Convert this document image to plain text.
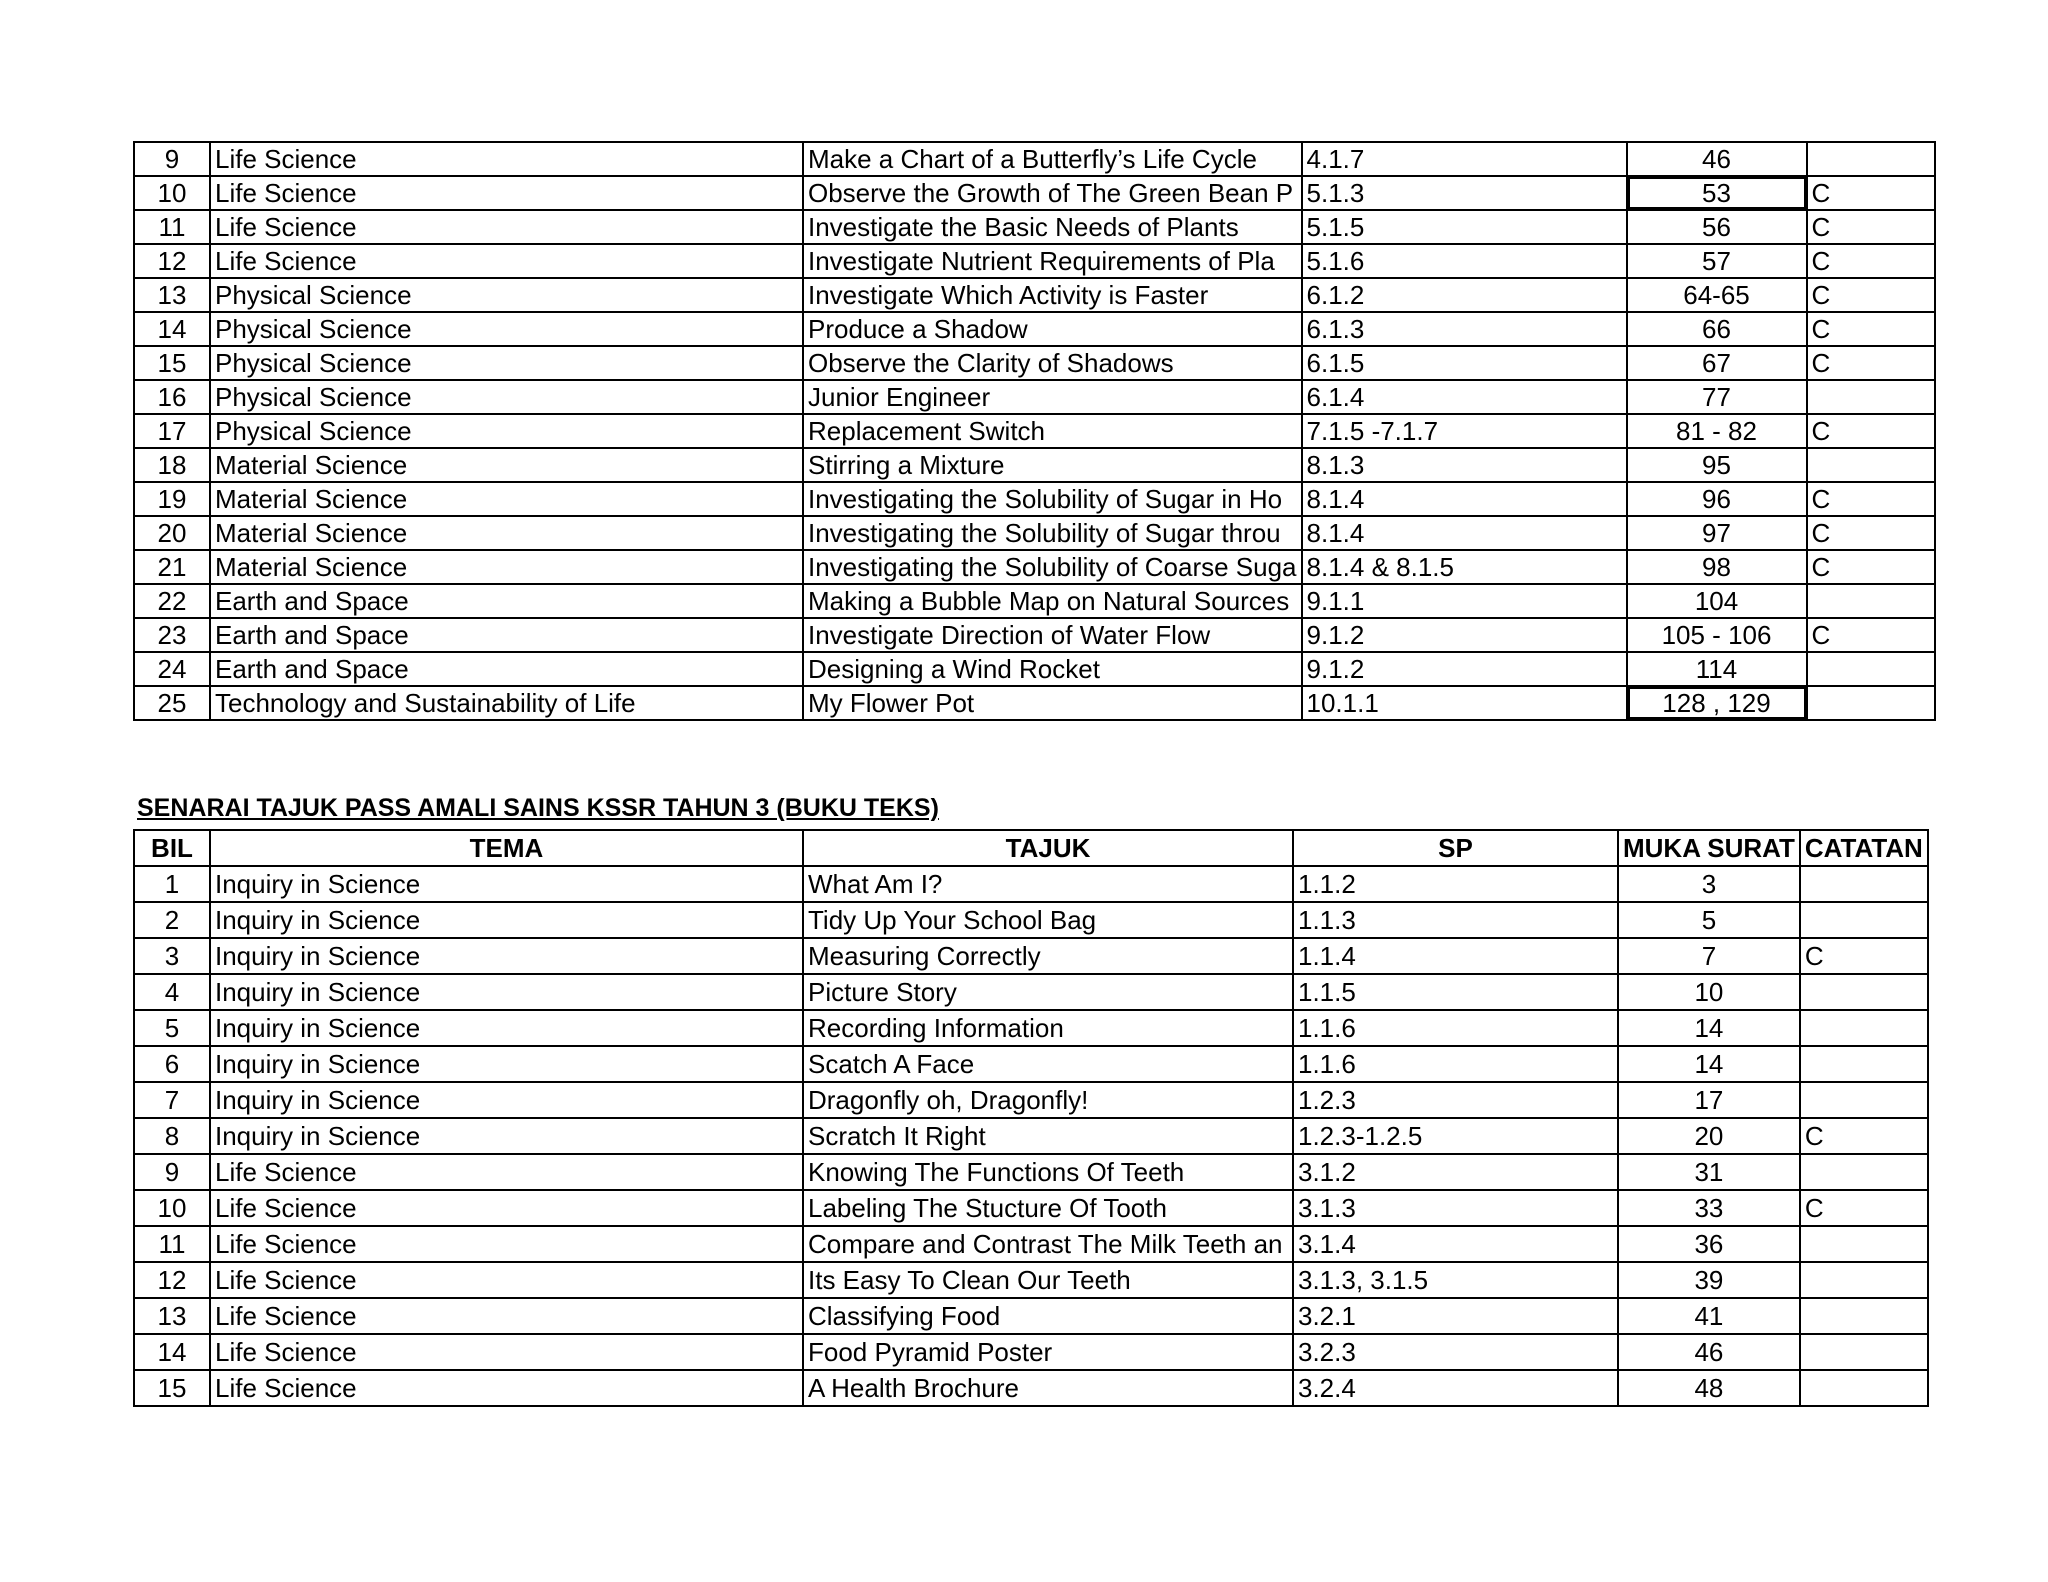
9	Life Science	Make a Chart of a Butterfly’s Life Cycle	4.1.7	46	
10	Life Science	Observe the Growth of The Green Bean P	5.1.3	53	C
11	Life Science	Investigate the Basic Needs of Plants	5.1.5	56	C
12	Life Science	Investigate Nutrient Requirements of Pla	5.1.6	57	C
13	Physical Science	Investigate Which Activity is Faster	6.1.2	64-65	C
14	Physical Science	Produce a Shadow	6.1.3	66	C
15	Physical Science	Observe the Clarity of Shadows	6.1.5	67	C
16	Physical Science	Junior Engineer	6.1.4	77	
17	Physical Science	Replacement Switch	7.1.5 -7.1.7	81 - 82	C
18	Material Science	Stirring a Mixture	8.1.3	95	
19	Material Science	Investigating the Solubility of Sugar in Ho	8.1.4	96	C
20	Material Science	Investigating the Solubility of Sugar throu	8.1.4	97	C
21	Material Science	Investigating the Solubility of Coarse Suga	8.1.4 & 8.1.5	98	C
22	Earth and Space	Making a Bubble Map on Natural Sources	9.1.1	104	
23	Earth and Space	Investigate Direction of Water Flow	9.1.2	105 - 106	C
24	Earth and Space	Designing a Wind Rocket	9.1.2	114	
25	Technology and Sustainability of Life	My Flower Pot	10.1.1	128 , 129	
SENARAI TAJUK PASS AMALI SAINS KSSR TAHUN 3 (BUKU TEKS)
BIL	TEMA	TAJUK	SP	MUKA SURAT	CATATAN
1	Inquiry in Science	What Am I?	1.1.2	3	
2	Inquiry in Science	Tidy Up Your School Bag	1.1.3	5	
3	Inquiry in Science	Measuring Correctly	1.1.4	7	C
4	Inquiry in Science	Picture Story	1.1.5	10	
5	Inquiry in Science	Recording Information	1.1.6	14	
6	Inquiry in Science	Scatch A Face	1.1.6	14	
7	Inquiry in Science	Dragonfly oh, Dragonfly!	1.2.3	17	
8	Inquiry in Science	Scratch It Right	1.2.3-1.2.5	20	C
9	Life Science	Knowing The Functions Of Teeth	3.1.2	31	
10	Life Science	Labeling The Stucture Of Tooth	3.1.3	33	C
11	Life Science	Compare and Contrast The Milk Teeth an	3.1.4	36	
12	Life Science	Its Easy To Clean Our Teeth	3.1.3, 3.1.5	39	
13	Life Science	Classifying Food	3.2.1	41	
14	Life Science	Food Pyramid Poster	3.2.3	46	
15	Life Science	A Health Brochure	3.2.4	48	
